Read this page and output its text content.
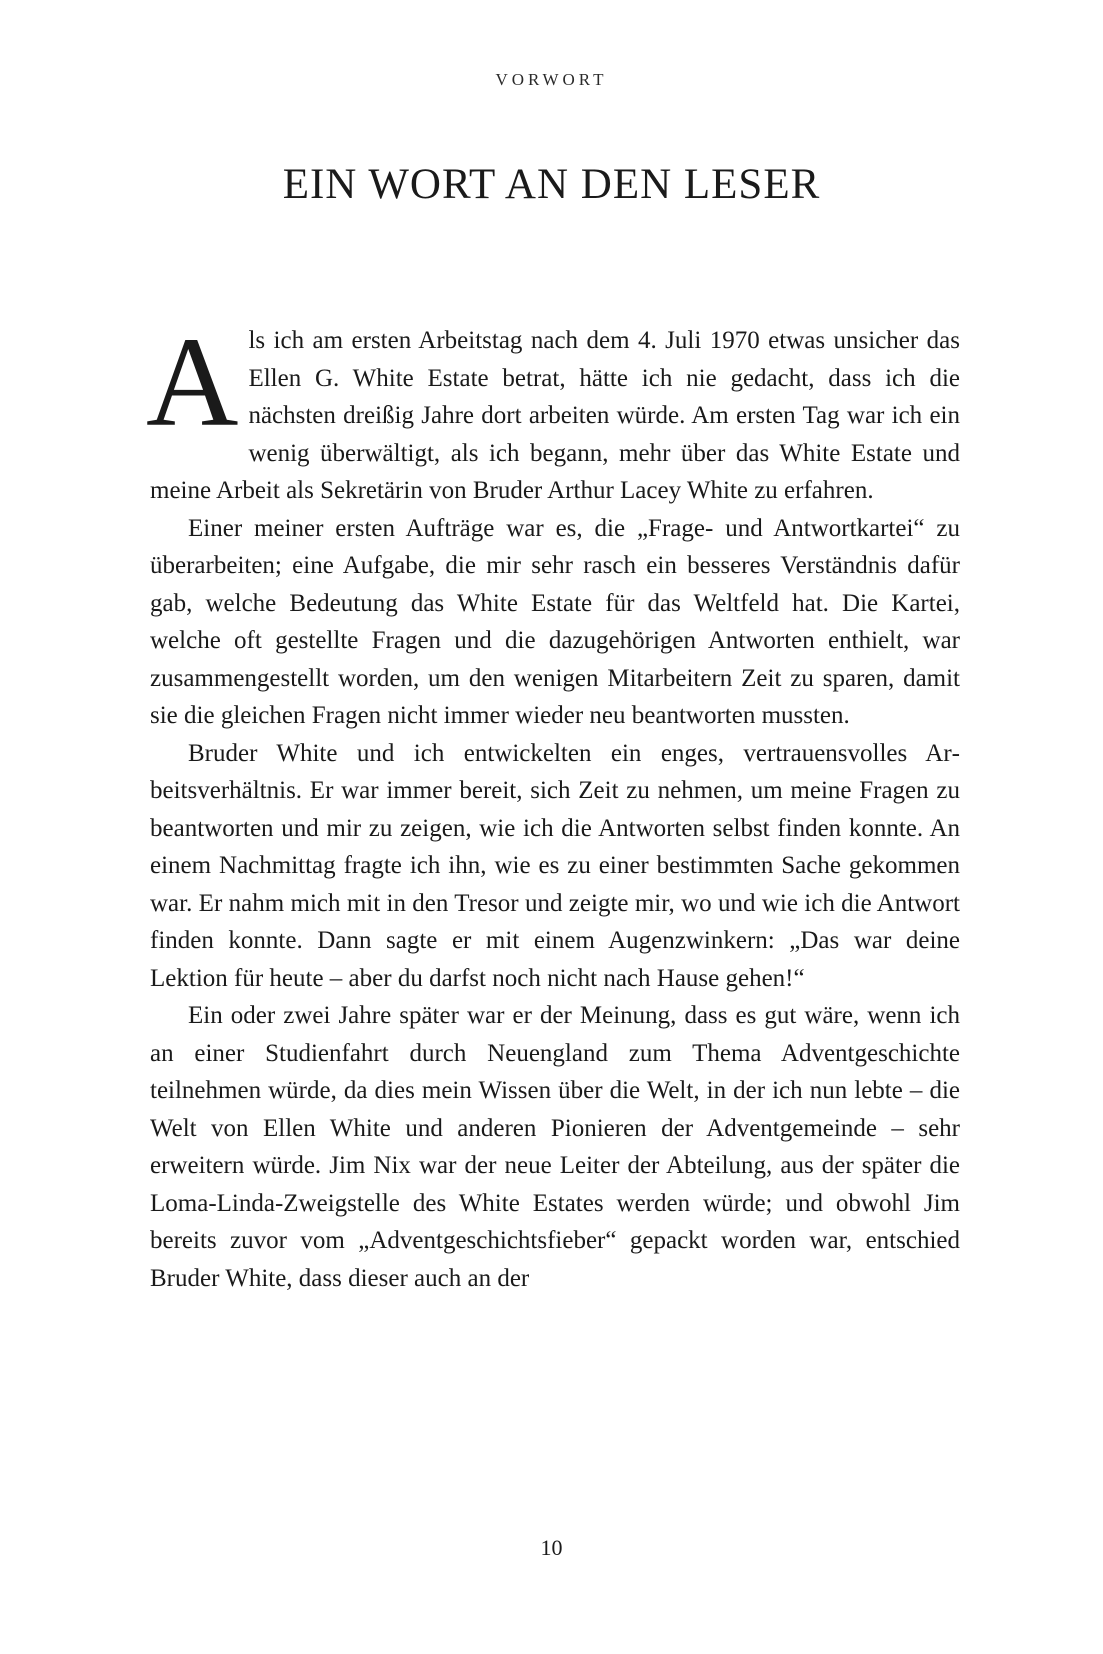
VORWORT
EIN WORT AN DEN LESER

Als ich am ersten Arbeitstag nach dem 4. Juli 1970 etwas unsicher das Ellen G. White Estate betrat, hätte ich nie gedacht, dass ich die nächsten dreißig Jahre dort arbeiten würde. Am ersten Tag war ich ein wenig überwältigt, als ich begann, mehr über das White Estate und meine Arbeit als Sekretärin von Bruder Arthur Lacey White zu erfahren.

Einer meiner ersten Aufträge war es, die „Frage- und Antwortkartei“ zu überarbeiten; eine Aufgabe, die mir sehr rasch ein besseres Verständnis dafür gab, welche Bedeutung das White Estate für das Weltfeld hat. Die Kartei, welche oft gestellte Fragen und die dazugehörigen Antworten enthielt, war zusammengestellt worden, um den wenigen Mitarbeitern Zeit zu sparen, damit sie die gleichen Fragen nicht immer wieder neu beantworten mussten.

Bruder White und ich entwickelten ein enges, vertrauensvolles Arbeitsverhältnis. Er war immer bereit, sich Zeit zu nehmen, um meine Fragen zu beantworten und mir zu zeigen, wie ich die Antworten selbst finden konnte. An einem Nachmittag fragte ich ihn, wie es zu einer bestimmten Sache gekommen war. Er nahm mich mit in den Tresor und zeigte mir, wo und wie ich die Antwort finden konnte. Dann sagte er mit einem Augenzwinkern: „Das war deine Lektion für heute – aber du darfst noch nicht nach Hause gehen!“

Ein oder zwei Jahre später war er der Meinung, dass es gut wäre, wenn ich an einer Studienfahrt durch Neuengland zum Thema Adventgeschichte teilnehmen würde, da dies mein Wissen über die Welt, in der ich nun lebte – die Welt von Ellen White und anderen Pionieren der Adventgemeinde – sehr erweitern würde. Jim Nix war der neue Leiter der Abteilung, aus der später die Loma-Linda-Zweigstelle des White Estates werden würde; und obwohl Jim bereits zuvor vom „Adventgeschichtsfieber“ gepackt worden war, entschied Bruder White, dass dieser auch an der

10
